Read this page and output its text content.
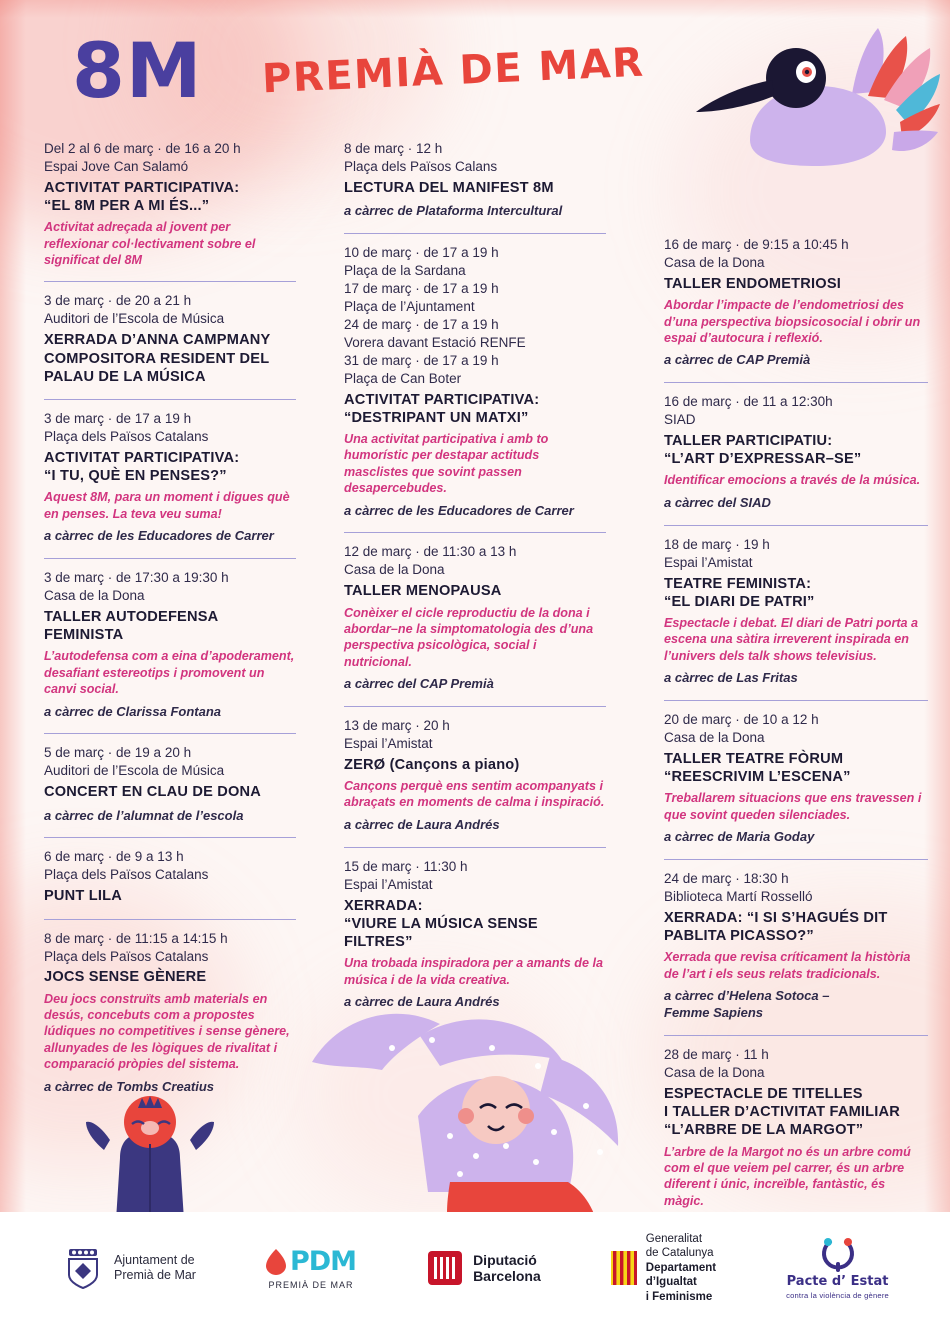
8M PREMIÀ DE MAR
Del 2 al 6 de març · de 16 a 20 h
Espai Jove Can Salamó
ACTIVITAT PARTICIPATIVA:
“EL 8M PER A MI ÉS...”
Activitat adreçada al jovent per reflexionar col·lectivament sobre el significat del 8M
3 de març · de 20 a 21 h
Auditori de l’Escola de Música
XERRADA D’ANNA CAMPMANY COMPOSITORA RESIDENT DEL PALAU DE LA MÚSICA
3 de març · de 17 a 19 h
Plaça dels Països Catalans
ACTIVITAT PARTICIPATIVA:
“I TU, QUÈ EN PENSES?”
Aquest 8M, para un moment i digues què en penses. La teva veu suma!
a càrrec de les Educadores de Carrer
3 de març · de 17:30 a 19:30 h
Casa de la Dona
TALLER AUTODEFENSA FEMINISTA
L’autodefensa com a eina d’apoderament, desafiant estereotips i promovent un canvi social.
a càrrec de Clarissa Fontana
5 de març · de 19 a 20 h
Auditori de l’Escola de Música
CONCERT EN CLAU DE DONA
a càrrec de l’alumnat de l’escola
6 de març · de 9 a 13 h
Plaça dels Països Catalans
PUNT LILA
8 de març · de 11:15 a 14:15 h
Plaça dels Països Catalans
JOCS SENSE GÈNERE
Deu jocs construïts amb materials en desús, concebuts com a propostes lúdiques no competitives i sense gènere, allunyades de les lògiques de rivalitat i comparació pròpies del sistema.
a càrrec de Tombs Creatius
8 de març · 12 h
Plaça dels Països Calans
LECTURA DEL MANIFEST 8M
a càrrec de Plataforma Intercultural
10 de març · de 17 a 19 h
Plaça de la Sardana
17 de març · de 17 a 19 h
Plaça de l’Ajuntament
24 de març · de 17 a 19 h
Vorera davant Estació RENFE
31 de març · de 17 a 19 h
Plaça de Can Boter
ACTIVITAT PARTICIPATIVA:
“DESTRIPANT UN MATXI”
Una activitat participativa i amb to humorístic per destapar actituds masclistes que sovint passen desapercebudes.
a càrrec de les Educadores de Carrer
12 de març · de 11:30 a 13 h
Casa de la Dona
TALLER MENOPAUSA
Conèixer el cicle reproductiu de la dona i abordar–ne la simptomatologia des d’una perspectiva psicològica, social i nutricional.
a càrrec del CAP Premià
13 de març · 20 h
Espai l’Amistat
ZERØ (Cançons a piano)
Cançons perquè ens sentim acompanyats i abraçats en moments de calma i inspiració.
a càrrec de Laura Andrés
15 de març · 11:30 h
Espai l’Amistat
XERRADA:
“VIURE LA MÚSICA SENSE FILTRES”
Una trobada inspiradora per a amants de la música i de la vida creativa.
a càrrec de Laura Andrés
16 de març · de 9:15 a 10:45 h
Casa de la Dona
TALLER ENDOMETRIOSI
Abordar l’impacte de l’endometriosi des d’una perspectiva biopsicosocial i obrir un espai d’autocura i reflexió.
a càrrec de CAP Premià
16 de març · de 11 a 12:30h
SIAD
TALLER PARTICIPATIU:
“L’ART D’EXPRESSAR–SE”
Identificar emocions a través de la música.
a càrrec del SIAD
18 de març · 19 h
Espai l’Amistat
TEATRE FEMINISTA:
“EL DIARI DE PATRI”
Espectacle i debat. El diari de Patri porta a escena una sàtira irreverent inspirada en l’univers dels talk shows televisius.
a càrrec de Las Fritas
20 de març · de 10 a 12 h
Casa de la Dona
TALLER TEATRE FÒRUM
“REESCRIVIM L’ESCENA”
Treballarem situacions que ens travessen i que sovint queden silenciades.
a càrrec de Maria Goday
24 de març · 18:30 h
Biblioteca Martí Rosselló
XERRADA: “I SI S’HAGUÉS DIT PABLITA PICASSO?”
Xerrada que revisa críticament la història de l’art i els seus relats tradicionals.
a càrrec d’Helena Sotoca –
Femme Sapiens
28 de març · 11 h
Casa de la Dona
ESPECTACLE DE TITELLES
I TALLER D’ACTIVITAT FAMILIAR
“L’ARBRE DE LA MARGOT”
L’arbre de la Margot no és un arbre comú com el que veiem pel carrer, és un arbre diferent i únic, increïble, fantàstic, és màgic.
Ajuntament de
Premià de Mar	PDM
PREMIÀ DE MAR
Diputació
Barcelona
Generalitat
de Catalunya
Departament
d’Igualtat
i Feminisme
Pacte d’ Estat
contra la violència de gènere
